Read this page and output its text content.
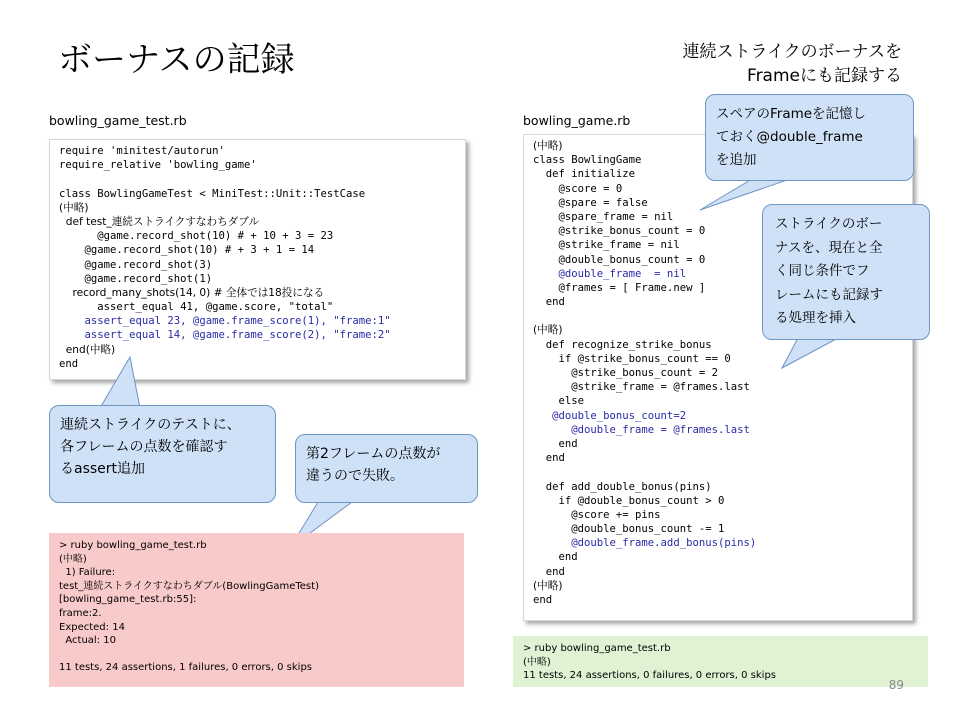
ボーナスの記録	連続ストライクのボーナスを
Frameにも記録する
bowling_game_test.rb
require 'minitest/autorun'
require_relative 'bowling_game'
class BowlingGameTest < MiniTest::Unit::TestCase
(中略)
def test_連続ストライクすなわちダブル
@game.record_shot(10) # + 10 + 3 = 23
@game.record_shot(10) # + 3 + 1 = 14
@game.record_shot(3)
@game.record_shot(1)
record_many_shots(14, 0) # 全体では18投になる
assert_equal 41, @game.score, "total"
assert_equal 23, @game.frame_score(1), "frame:1"
assert_equal 14, @game.frame_score(2), "frame:2"
end(中略)
end
bowling_game.rb
(中略)
class BowlingGame
def initialize
@score = 0
@spare = false
@spare_frame = nil
@strike_bonus_count = 0
@strike_frame = nil
@double_bonus_count = 0
@double_frame  = nil
@frames = [ Frame.new ]
end
(中略)
def recognize_strike_bonus
if @strike_bonus_count == 0
@strike_bonus_count = 2
@strike_frame = @frames.last
else
@double_bonus_count=2
@double_frame = @frames.last
end
end
def add_double_bonus(pins)
if @double_bonus_count > 0
@score += pins
@double_bonus_count -= 1
@double_frame.add_bonus(pins)
end
end
(中略)
end
連続ストライクのテストに、
各フレームの点数を確認す
るassert追加
第2フレームの点数が
違うので失敗。
スペアのFrameを記憶し
ておく@double_frame
を追加
ストライクのボー
ナスを、現在と全
く同じ条件でフ
レームにも記録す
る処理を挿入
> ruby bowling_game_test.rb
(中略)
1) Failure:
test_連続ストライクすなわちダブル(BowlingGameTest)
[bowling_game_test.rb:55]:
frame:2.
Expected: 14
Actual: 10
11 tests, 24 assertions, 1 failures, 0 errors, 0 skips
> ruby bowling_game_test.rb
(中略)
11 tests, 24 assertions, 0 failures, 0 errors, 0 skips
89
